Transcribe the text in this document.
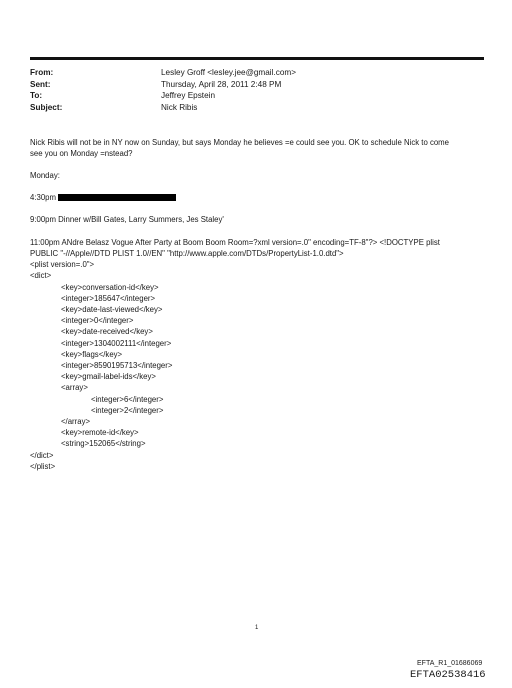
From:	Lesley Groff <lesley.jee@gmail.com>
Sent:	Thursday, April 28, 2011 2:48 PM
To:	Jeffrey Epstein
Subject:	Nick Ribis
Nick Ribis will not be in NY now on Sunday, but says Monday he believes =e could see you. OK to schedule Nick to come
see you on Monday =nstead?
Monday:
4:30pm
9:00pm Dinner w/Bill Gates, Larry Summers, Jes Staley'
11:00pm ANdre Belasz Vogue After Party at Boom Boom Room=?xml version=.0" encoding=TF-8"?> <!DOCTYPE plist
PUBLIC "-//Apple//DTD PLIST 1.0//EN" "http://www.apple.com/DTDs/PropertyList-1.0.dtd">
<plist version=.0">
<dict>
<key>conversation-id</key>
<integer>185647</integer>
<key>date-last-viewed</key>
<integer>0</integer>
<key>date-received</key>
<integer>1304002111</integer>
<key>flags</key>
<integer>8590195713</integer>
<key>gmail-label-ids</key>
<array>
<integer>6</integer>
<integer>2</integer>
</array>
<key>remote-id</key>
<string>152065</string>
</dict>
</plist>
1
EFTA_R1_01686069
EFTA02538416
